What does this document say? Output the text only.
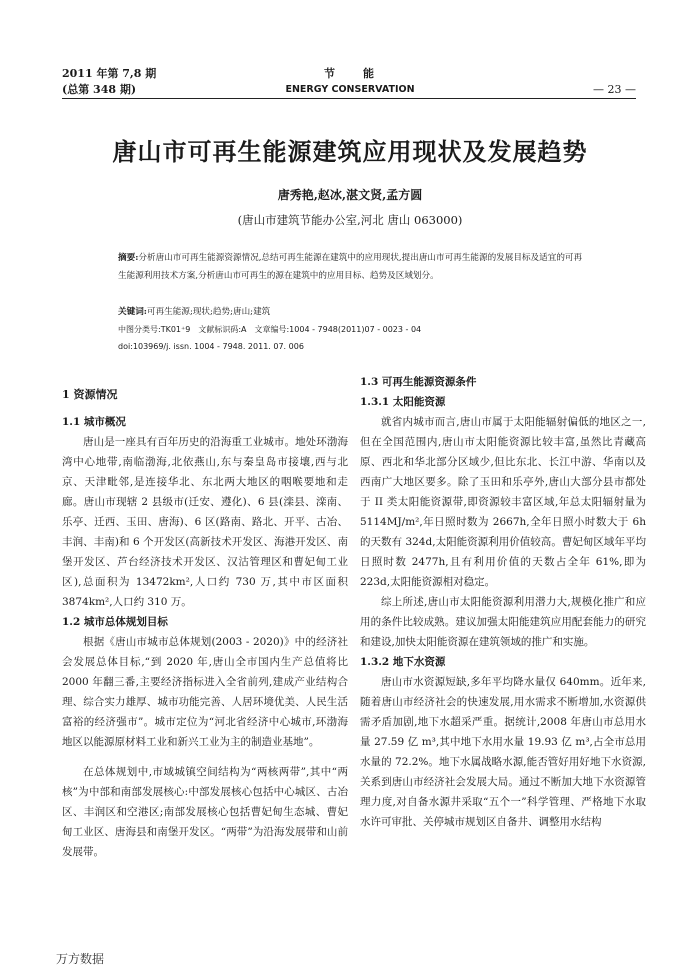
2011 年第 7,8 期
(总第 348 期)
节　　能
ENERGY CONSERVATION	— 23 —
唐山市可再生能源建筑应用现状及发展趋势
唐秀艳,赵冰,湛文贤,孟方圆
(唐山市建筑节能办公室,河北 唐山 063000)
摘要:分析唐山市可再生能源资源情况,总结可再生能源在建筑中的应用现状,提出唐山市可再生能源的发展目标及适宜的可再生能源利用技术方案,分析唐山市可再生的源在建筑中的应用目标、趋势及区域划分。
关键词:可再生能源;现状;趋势;唐山;建筑
中图分类号:TK01⁺9　文献标识码:A　文章编号:1004 - 7948(2011)07 - 0023 - 04
doi:103969/j. issn. 1004 - 7948. 2011. 07. 006
1 资源情况
1.1 城市概况

唐山是一座具有百年历史的沿海重工业城市。地处环渤海湾中心地带,南临渤海,北依燕山,东与秦皇岛市接壤,西与北京、天津毗邻,是连接华北、东北两大地区的咽喉要地和走廊。唐山市现辖 2 县级市(迁安、遵化)、6 县(滦县、滦南、乐亭、迁西、玉田、唐海)、6 区(路南、路北、开平、古冶、丰润、丰南)和 6 个开发区(高新技术开发区、海港开发区、南堡开发区、芦台经济技术开发区、汉沽管理区和曹妃甸工业区),总面积为 13472km²,人口约 730 万,其中市区面积 3874km²,人口约 310 万。

1.2 城市总体规划目标

根据《唐山市城市总体规划(2003 - 2020)》中的经济社会发展总体目标,“到 2020 年,唐山全市国内生产总值将比 2000 年翻三番,主要经济指标进入全省前列,建成产业结构合理、综合实力雄厚、城市功能完善、人居环境优美、人民生活富裕的经济强市”。城市定位为“河北省经济中心城市,环渤海地区以能源原材料工业和新兴工业为主的制造业基地”。

在总体规划中,市域城镇空间结构为“两核两带”,其中“两核”为中部和南部发展核心:中部发展核心包括中心城区、古冶区、丰润区和空港区;南部发展核心包括曹妃甸生态城、曹妃甸工业区、唐海县和南堡开发区。“两带”为沿海发展带和山前发展带。

1.3 可再生能源资源条件
1.3.1 太阳能资源

就省内城市而言,唐山市属于太阳能辐射偏低的地区之一,但在全国范围内,唐山市太阳能资源比较丰富,虽然比青藏高原、西北和华北部分区域少,但比东北、长江中游、华南以及西南广大地区要多。除了玉田和乐亭外,唐山大部分县市都处于 II 类太阳能资源带,即资源较丰富区域,年总太阳辐射量为 5114MJ/m²,年日照时数为 2667h,全年日照小时数大于 6h 的天数有 324d,太阳能资源利用价值较高。曹妃甸区域年平均日照时数 2477h,且有利用价值的天数占全年 61%,即为 223d,太阳能资源相对稳定。

综上所述,唐山市太阳能资源利用潜力大,规模化推广和应用的条件比较成熟。建议加强太阳能建筑应用配套能力的研究和建设,加快太阳能资源在建筑领域的推广和实施。

1.3.2 地下水资源

唐山市水资源短缺,多年平均降水量仅 640mm。近年来,随着唐山市经济社会的快速发展,用水需求不断增加,水资源供需矛盾加剧,地下水超采严重。据统计,2008 年唐山市总用水量 27.59 亿 m³,其中地下水用水量 19.93 亿 m³,占全市总用水量的 72.2%。地下水属战略水源,能否管好用好地下水资源,关系到唐山市经济社会发展大局。通过不断加大地下水资源管理力度,对自备水源井采取“五个一”科学管理、严格地下水取水许可审批、关停城市规划区自备井、调整用水结构

万方数据
